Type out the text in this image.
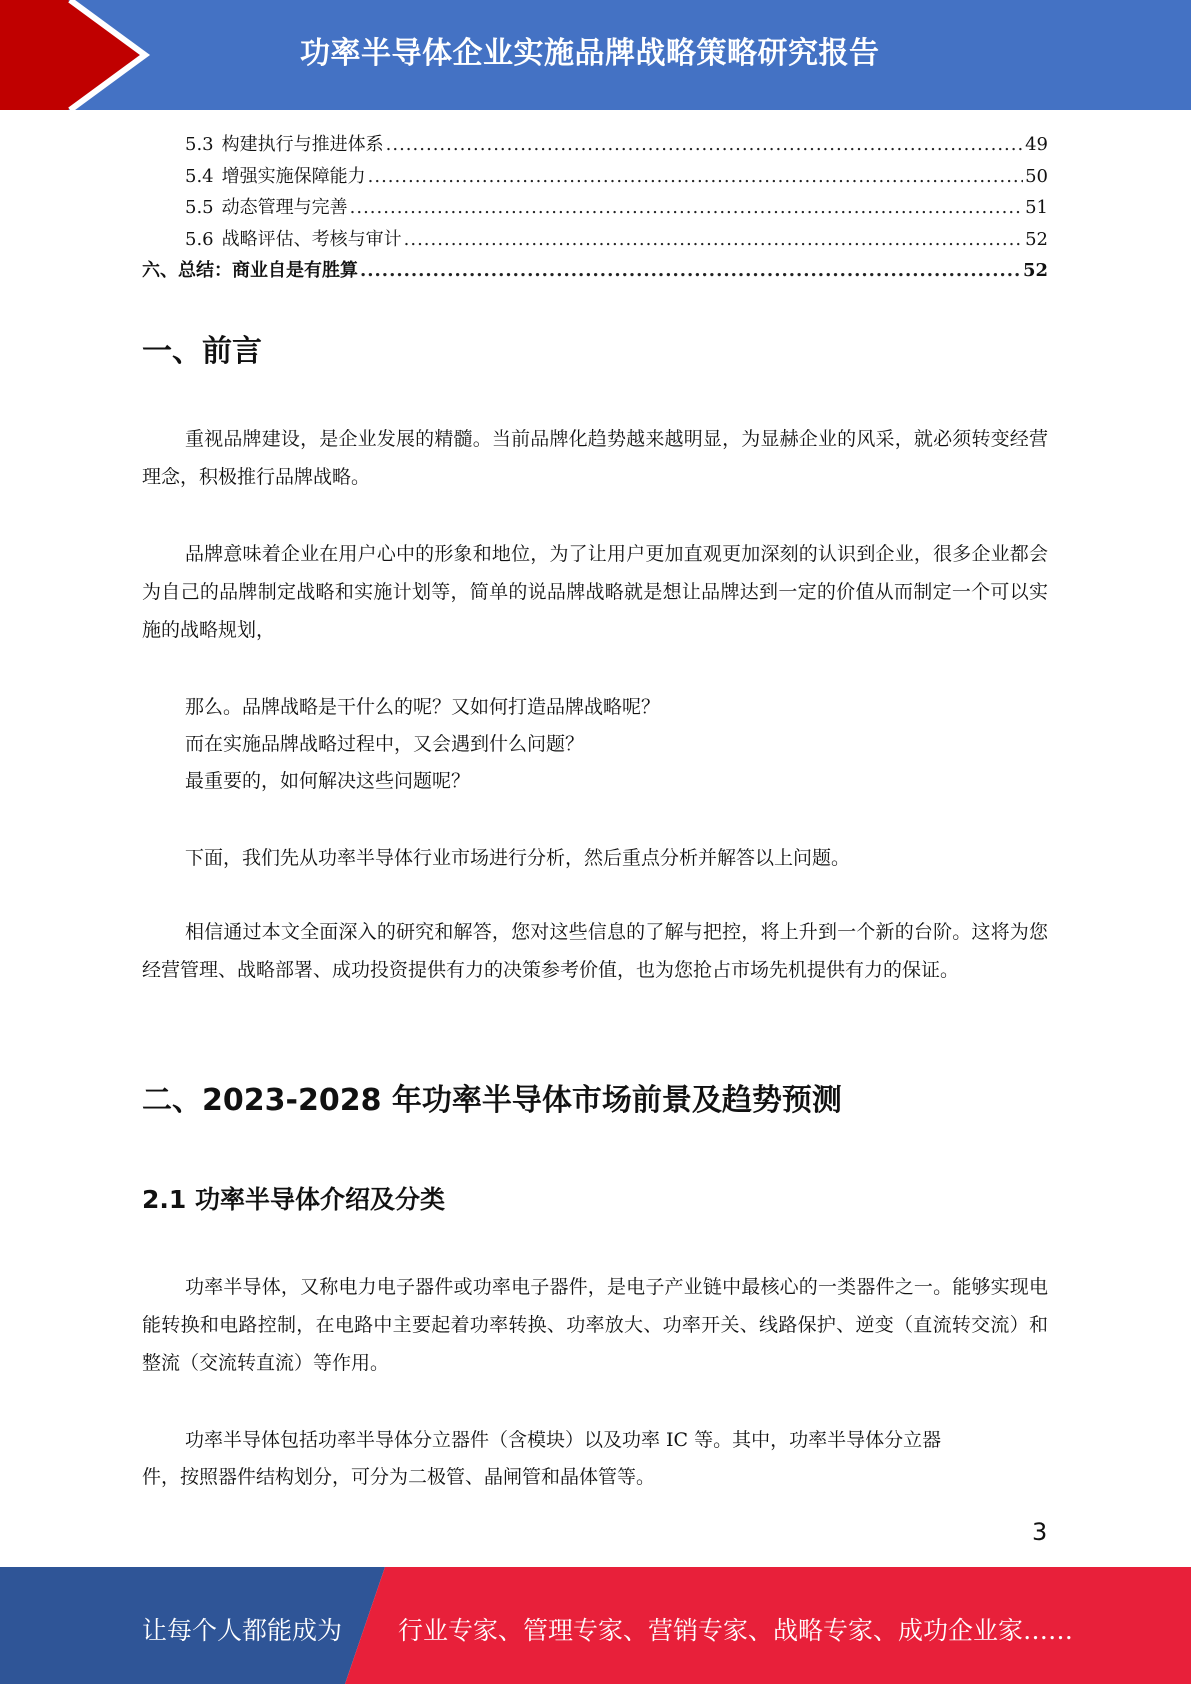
功率半导体企业实施品牌战略策略研究报告
5.3 构建执行与推进体系 .....	49
5.4 增强实施保障能力 .....	50
5.5 动态管理与完善 .....	51
5.6 战略评估、考核与审计 .....	52
六、总结：商业自是有胜算 .....	52
一、前言

重视品牌建设，是企业发展的精髓。当前品牌化趋势越来越明显，为显赫企业的风采，就必须转变经营理念，积极推行品牌战略。

品牌意味着企业在用户心中的形象和地位，为了让用户更加直观更加深刻的认识到企业，很多企业都会为自己的品牌制定战略和实施计划等，简单的说品牌战略就是想让品牌达到一定的价值从而制定一个可以实施的战略规划，

那么。品牌战略是干什么的呢？又如何打造品牌战略呢？

而在实施品牌战略过程中，又会遇到什么问题？

最重要的，如何解决这些问题呢？

下面，我们先从功率半导体行业市场进行分析，然后重点分析并解答以上问题。

相信通过本文全面深入的研究和解答，您对这些信息的了解与把控，将上升到一个新的台阶。这将为您经营管理、战略部署、成功投资提供有力的决策参考价值，也为您抢占市场先机提供有力的保证。

二、2023-2028 年功率半导体市场前景及趋势预测
2.1 功率半导体介绍及分类

功率半导体，又称电力电子器件或功率电子器件，是电子产业链中最核心的一类器件之一。能够实现电能转换和电路控制，在电路中主要起着功率转换、功率放大、功率开关、线路保护、逆变（直流转交流）和整流（交流转直流）等作用。

功率半导体包括功率半导体分立器件（含模块）以及功率 IC 等。其中，功率半导体分立器

件，按照器件结构划分，可分为二极管、晶闸管和晶体管等。

3
让每个人都能成为 行业专家、管理专家、营销专家、战略专家、成功企业家……
